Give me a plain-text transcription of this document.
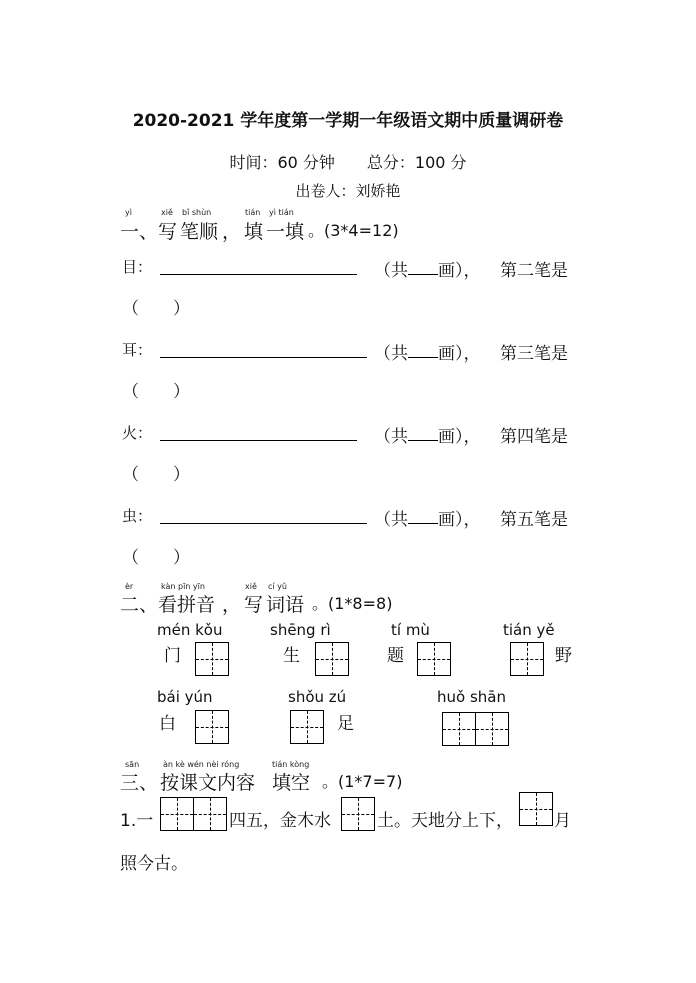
2020-2021 学年度第一学期一年级语文期中质量调研卷
时间：60 分钟　　总分：100 分
出卷人：刘娇艳
yì	xiě bǐ shùn	tián yì tián
一、 写 笔顺 ， 填 一填 。(3*4=12)
目：	（共 画）， 第二笔是
（　　）
耳：	（共 画）， 第三笔是
（　　）
火：	（共 画）， 第四笔是
（　　）
虫：	（共 画）， 第五笔是
（　　）
èr	kàn pīn yīn	xiě cí yǔ
二、 看拼音 ， 写 词语 。(1*8=8)
mén kǒu
门
shēng rì
生
tí mù
题
tián yě
野
bái yún
白
shǒu zú
足
huǒ shān
sān	àn kè wén nèi róng	tián kòng
三、 按课文内容 填空 。(1*7=7)
1.一	四五，金木水	土。天地分上下， 月
照今古。
